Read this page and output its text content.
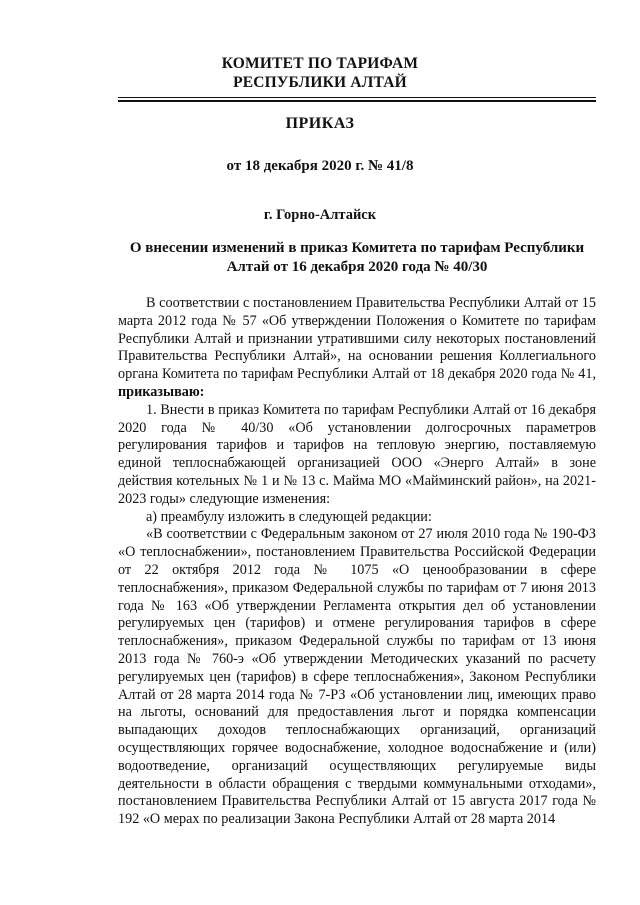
КОМИТЕТ ПО ТАРИФАМ
РЕСПУБЛИКИ АЛТАЙ
ПРИКАЗ
от 18 декабря 2020 г. № 41/8
г. Горно-Алтайск
О внесении изменений в приказ Комитета по тарифам Республики Алтай от 16 декабря 2020 года № 40/30

В соответствии с постановлением Правительства Республики Алтай от 15 марта 2012 года № 57 «Об утверждении Положения о Комитете по тарифам Республики Алтай и признании утратившими силу некоторых постановлений Правительства Республики Алтай», на основании решения Коллегиального органа Комитета по тарифам Республики Алтай от 18 декабря 2020 года № 41, приказываю:

1. Внести в приказ Комитета по тарифам Республики Алтай от 16 декабря 2020 года № 40/30 «Об установлении долгосрочных параметров регулирования тарифов и тарифов на тепловую энергию, поставляемую единой теплоснабжающей организацией ООО «Энерго Алтай» в зоне действия котельных № 1 и № 13 с. Майма МО «Майминский район», на 2021-2023 годы» следующие изменения:

а) преамбулу изложить в следующей редакции:

«В соответствии с Федеральным законом от 27 июля 2010 года № 190-ФЗ «О теплоснабжении», постановлением Правительства Российской Федерации от 22 октября 2012 года № 1075 «О ценообразовании в сфере теплоснабжения», приказом Федеральной службы по тарифам от 7 июня 2013 года № 163 «Об утверждении Регламента открытия дел об установлении регулируемых цен (тарифов) и отмене регулирования тарифов в сфере теплоснабжения», приказом Федеральной службы по тарифам от 13 июня 2013 года № 760-э «Об утверждении Методических указаний по расчету регулируемых цен (тарифов) в сфере теплоснабжения», Законом Республики Алтай от 28 марта 2014 года № 7-РЗ «Об установлении лиц, имеющих право на льготы, оснований для предоставления льгот и порядка компенсации выпадающих доходов теплоснабжающих организаций, организаций осуществляющих горячее водоснабжение, холодное водоснабжение и (или) водоотведение, организаций осуществляющих регулируемые виды деятельности в области обращения с твердыми коммунальными отходами», постановлением Правительства Республики Алтай от 15 августа 2017 года № 192 «О мерах по реализации Закона Республики Алтай от 28 марта 2014
